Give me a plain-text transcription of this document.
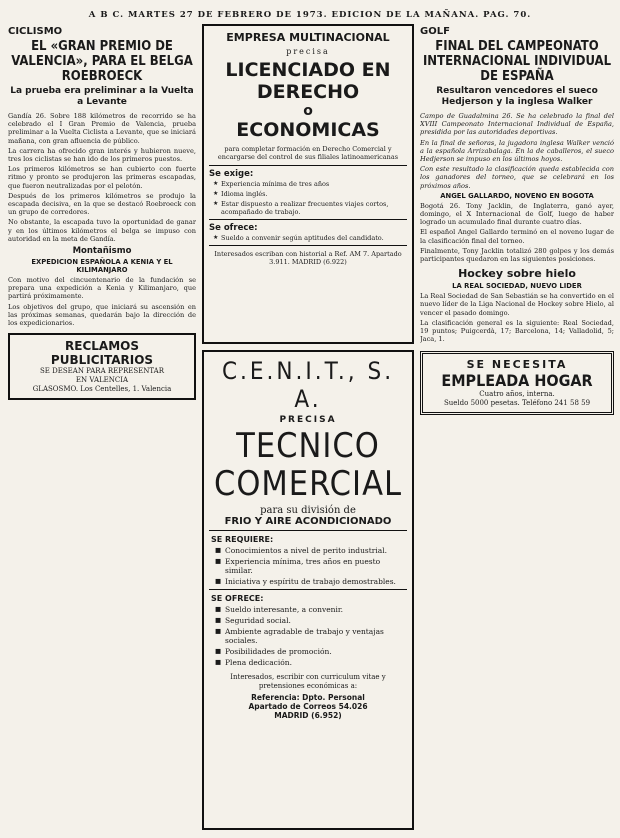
A B C. MARTES 27 DE FEBRERO DE 1973. EDICION DE LA MAÑANA. PAG. 70.
CICLISMO
EL «GRAN PREMIO DE VALENCIA», PARA EL BELGA ROEBROECK
La prueba era preliminar a la Vuelta a Levante

Gandía 26. Sobre 188 kilómetros de recorrido se ha celebrado el I Gran Premio de Valencia, prueba preliminar a la Vuelta Ciclista a Levante, que se iniciará mañana, con gran afluencia de público.

La carrera ha ofrecido gran interés y hubieron nueve, tres los ciclistas se han ido de los primeros puestos.

Los primeros kilómetros se han cubierto con fuerte ritmo y pronto se produjeron las primeras escapadas, que fueron neutralizadas por el pelotón.

Después de los primeros kilómetros se produjo la escapada decisiva, en la que se destacó Roebroeck con un grupo de corredores.

No obstante, la escapada tuvo la oportunidad de ganar y en los últimos kilómetros el belga se impuso con autoridad en la meta de Gandía.

Montañismo
EXPEDICION ESPAÑOLA A KENIA Y EL KILIMANJARO

Con motivo del cincuentenario de la fundación se prepara una expedición a Kenia y Kilimanjaro, que partirá próximamente.

Los objetivos del grupo, que iniciará su ascensión en las próximas semanas, quedarán bajo la dirección de los expedicionarios.

RECLAMOS PUBLICITARIOS
SE DESEAN PARA REPRESENTAR
EN VALENCIA
GLASOSMO. Los Centelles, 1. Valencia
EMPRESA MULTINACIONAL
precisa
LICENCIADO EN
DERECHO
o
ECONOMICAS
para completar formación en Derecho Comercial y encargarse del control de sus filiales latinoamericanas
Se exige:
★ Experiencia mínima de tres años
★ Idioma inglés.
★ Estar dispuesto a realizar frecuentes viajes cortos, acompañado de trabajo.
Se ofrece:
★ Sueldo a convenir según aptitudes del candidato.
Interesados escriban con historial a Ref. AM 7. Apartado 3.911. MADRID (6.922)
C.E.N.I.T., S. A.
PRECISA
TECNICO
COMERCIAL
para su división de
FRIO Y AIRE ACONDICIONADO
SE REQUIERE:
■ Conocimientos a nivel de perito industrial.
■ Experiencia mínima, tres años en puesto similar.
■ Iniciativa y espíritu de trabajo demostrables.
SE OFRECE:
■ Sueldo interesante, a convenir.
■ Seguridad social.
■ Ambiente agradable de trabajo y ventajas sociales.
■ Posibilidades de promoción.
■ Plena dedicación.
Interesados, escribir con curriculum vitae y pretensiones económicas a:
Referencia: Dpto. Personal
Apartado de Correos 54.026
MADRID (6.952)
GOLF
FINAL DEL CAMPEONATO INTERNACIONAL INDIVIDUAL DE ESPAÑA
Resultaron vencedores el sueco Hedjerson y la inglesa Walker

Campo de Guadalmina 26. Se ha celebrado la final del XVIII Campeonato Internacional Individual de España, presidida por las autoridades deportivas.

En la final de señoras, la jugadora inglesa Walker venció a la española Arrizabalaga. En la de caballeros, el sueco Hedjerson se impuso en los últimos hoyos.

Con este resultado la clasificación queda establecida con los ganadores del torneo, que se celebrará en los próximos años.

ANGEL GALLARDO, NOVENO EN BOGOTA

Bogotá 26. Tony Jacklin, de Inglaterra, ganó ayer, domingo, el X Internacional de Golf, luego de haber logrado un acumulado final durante cuatro días.

El español Angel Gallardo terminó en el noveno lugar de la clasificación final del torneo.

Finalmente, Tony Jacklin totalizó 280 golpes y los demás participantes quedaron en las siguientes posiciones.

Hockey sobre hielo
LA REAL SOCIEDAD, NUEVO LIDER

La Real Sociedad de San Sebastián se ha convertido en el nuevo líder de la Liga Nacional de Hockey sobre Hielo, al vencer el pasado domingo.

La clasificación general es la siguiente: Real Sociedad, 19 puntos; Puigcerdà, 17; Barcelona, 14; Valladolid, 5; Jaca, 1.

SE NECESITA
EMPLEADA HOGAR
Cuatro años, interna.
Sueldo 5000 pesetas. Teléfono 241 58 59
